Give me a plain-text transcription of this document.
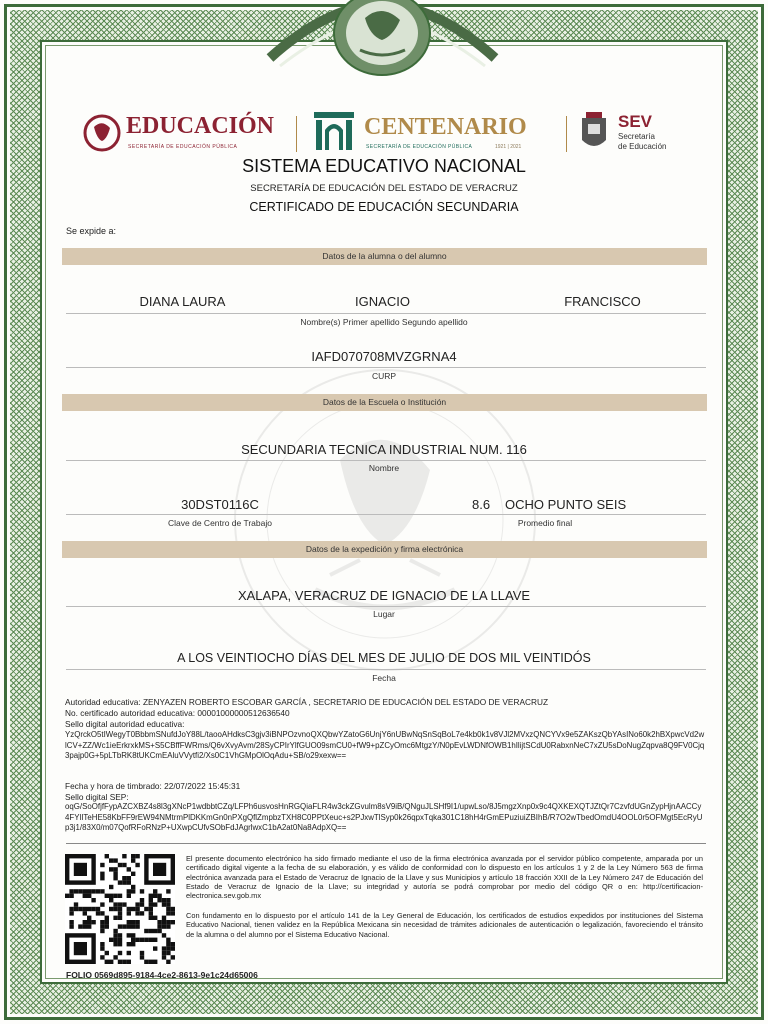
EDUCACIÓN
SECRETARÍA DE EDUCACIÓN PÚBLICA
CENTENARIO
SECRETARÍA DE EDUCACIÓN PÚBLICA	1921 | 2021
SEV
Secretaría
de Educación
SISTEMA EDUCATIVO NACIONAL
SECRETARÍA DE EDUCACIÓN DEL ESTADO DE VERACRUZ
CERTIFICADO DE EDUCACIÓN SECUNDARIA
Se expide a:
Datos de la alumna o del alumno
DIANA LAURA	IGNACIO	FRANCISCO
Nombre(s) Primer apellido Segundo apellido
IAFD070708MVZGRNA4
CURP
Datos de la Escuela o Institución
SECUNDARIA TECNICA INDUSTRIAL NUM. 116
Nombre
30DST0116C
Clave de Centro de Trabajo
8.6 OCHO PUNTO SEIS
Promedio final
Datos de la expedición y firma electrónica
XALAPA, VERACRUZ DE IGNACIO DE LA LLAVE
Lugar
A LOS VEINTIOCHO DÍAS DEL MES DE JULIO DE DOS MIL VEINTIDÓS
Fecha
Autoridad educativa: ZENYAZEN ROBERTO ESCOBAR GARCÍA , SECRETARIO DE EDUCACIÓN DEL ESTADO DE VERACRUZ
No. certificado autoridad educativa: 00001000000512636540
Sello digital autoridad educativa:
YzQrckO5tIWegyT0BbbmSNufdJoY88L/taooAHdksC3gjv3iBNPOzvnoQXQbwYZatoG6UnjY6nUBwNqSnSqBoL7e4kb0k1v8VJl2MVxzQNCYVx9e5ZAKszQbYAsINo60k2hBXpwcVd2wlCV+ZZ/Wc1ieErkrxkMS+S5CBffFWRms/Q6vXvyAvm/28SyCPIrYlfGUO09smCU0+fW9+pZCyOmc6MtgzY/N0pEvLWDNfOWB1hIlijtSCdU0RabxnNeC7xZU5sDoNugZqpva8Q9FV0Cjq3pajp0G+5pLTbRK8tUKCmEAluVVytfi2/Xs0C1VhGMpOlOqAdu+SB/o29xexw==
Fecha y hora de timbrado: 22/07/2022 15:45:31
Sello digital SEP:
oqG/SoOfjfFypAZCXBZ4s8l3gXNcP1wdbbtCZq/LFPh6usvosHnRGQiaFLR4w3ckZGvulm8sV9iB/QNguJLSHf9I1/upwLso/8J5mgzXnp0x9c4QXKEXQTJZtQr7CzvfdUGnZypHjnAACCy4FYlITeHE58KbFF9rEW94NMtrmPlDKKmGn0nPXgQflZmpbzTXH8C0PPtXeuc+s2PJxwTlSyp0k26qpxTqka301C18hH4rGmEPuziuiZBIhB/R7O2wTbedOmdU4OOL0r5OFMgt5EcRyUp3j1/83X0/m07QofRFoRNzP+UXwpCUfvSObFdJAgrlwxC1bA2at0Na8AdpXQ==
El presente documento electrónico ha sido firmado mediante el uso de la firma electrónica avanzada por el servidor público competente, amparada por un certificado digital vigente a la fecha de su elaboración, y es válido de conformidad con lo dispuesto en los artículos 1 y 2 de la Ley Número 563 de firma electrónica avanzada para el Estado de Veracruz de Ignacio de la Llave y sus Municipios y artículo 18 fracción XXII de la Ley Número 247 de Educación del Estado de Veracruz de Ignacio de la Llave; su integridad y autoría se podrá comprobar por medio del código QR o en: http://certificacion-electronica.sev.gob.mx
Con fundamento en lo dispuesto por el artículo 141 de la Ley General de Educación, los certificados de estudios expedidos por instituciones del Sistema Educativo Nacional, tienen validez en la República Mexicana sin necesidad de trámites adicionales de autenticación o legalización, favoreciendo el tránsito de la alumna o del alumno por el Sistema Educativo Nacional.
FOLIO 0569d895-9184-4ce2-8613-9e1c24d65006
